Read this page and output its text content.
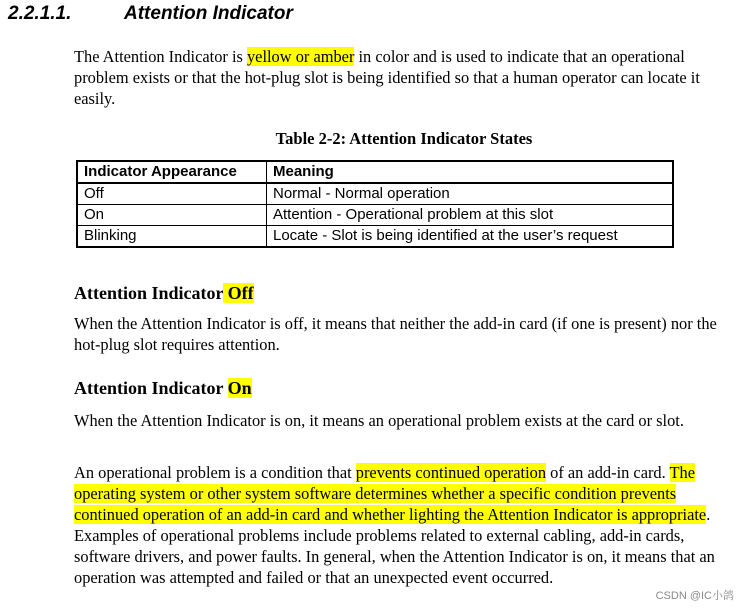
2.2.1.1.	Attention Indicator

The Attention Indicator is yellow or amber in color and is used to indicate that an operational problem exists or that the hot-plug slot is being identified so that a human operator can locate it easily.

Table 2-2: Attention Indicator States

Indicator Appearance	Meaning
Off	Normal - Normal operation
On	Attention - Operational problem at this slot
Blinking	Locate - Slot is being identified at the user’s request
Attention Indicator Off

When the Attention Indicator is off, it means that neither the add-in card (if one is present) nor the hot-plug slot requires attention.

Attention Indicator On

When the Attention Indicator is on, it means an operational problem exists at the card or slot.

An operational problem is a condition that prevents continued operation of an add-in card. The operating system or other system software determines whether a specific condition prevents continued operation of an add-in card and whether lighting the Attention Indicator is appropriate. Examples of operational problems include problems related to external cabling, add-in cards, software drivers, and power faults. In general, when the Attention Indicator is on, it means that an operation was attempted and failed or that an unexpected event occurred.

CSDN @IC小鸽
